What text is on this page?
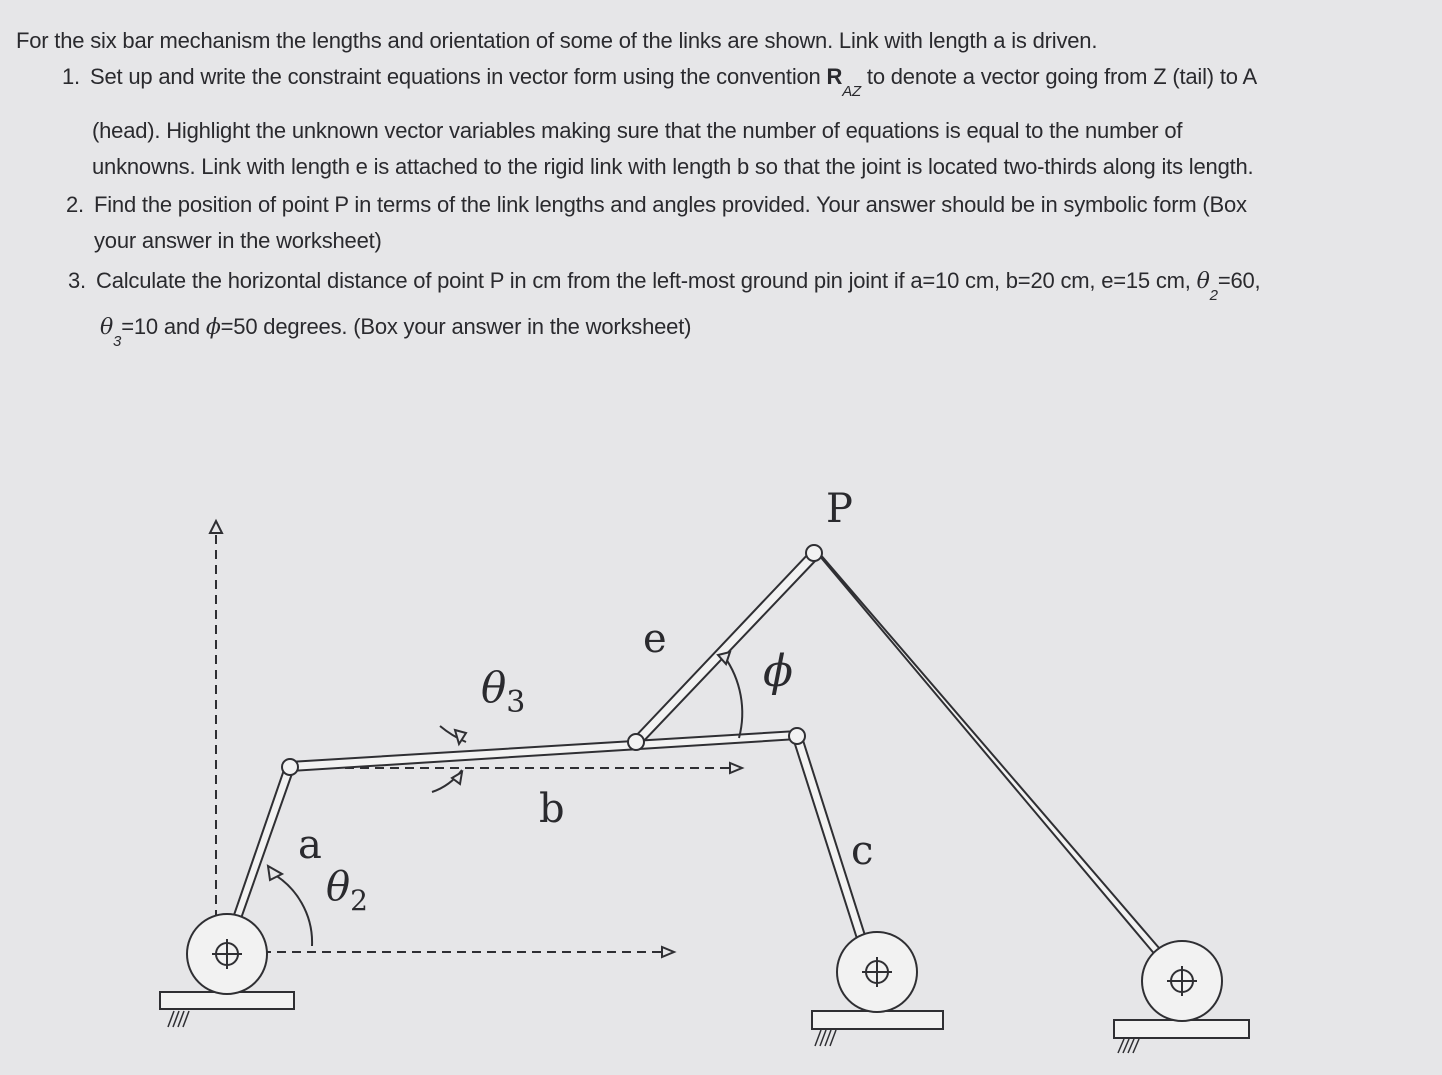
For the six bar mechanism the lengths and orientation of some of the links are shown. Link with length a is driven.
1. Set up and write the constraint equations in vector form using the convention $R_{AZ}$ to denote a vector going from Z (tail) to A
(head). Highlight the unknown vector variables making sure that the number of equations is equal to the number of
unknowns. Link with length e is attached to the rigid link with length b so that the joint is located two-thirds along its length.
2. Find the position of point P in terms of the link lengths and angles provided. Your answer should be in symbolic form (Box
your answer in the worksheet)
3. Calculate the horizontal distance of point P in cm from the left-most ground pin joint if a=10 cm, b=20 cm, e=15 cm, $\theta_2=60$,
$\theta_3=10$ and ϕ=50 degrees. (Box your answer in the worksheet)
P
e
b
c
a
ϕ
$\theta_3$
$\theta_2$
